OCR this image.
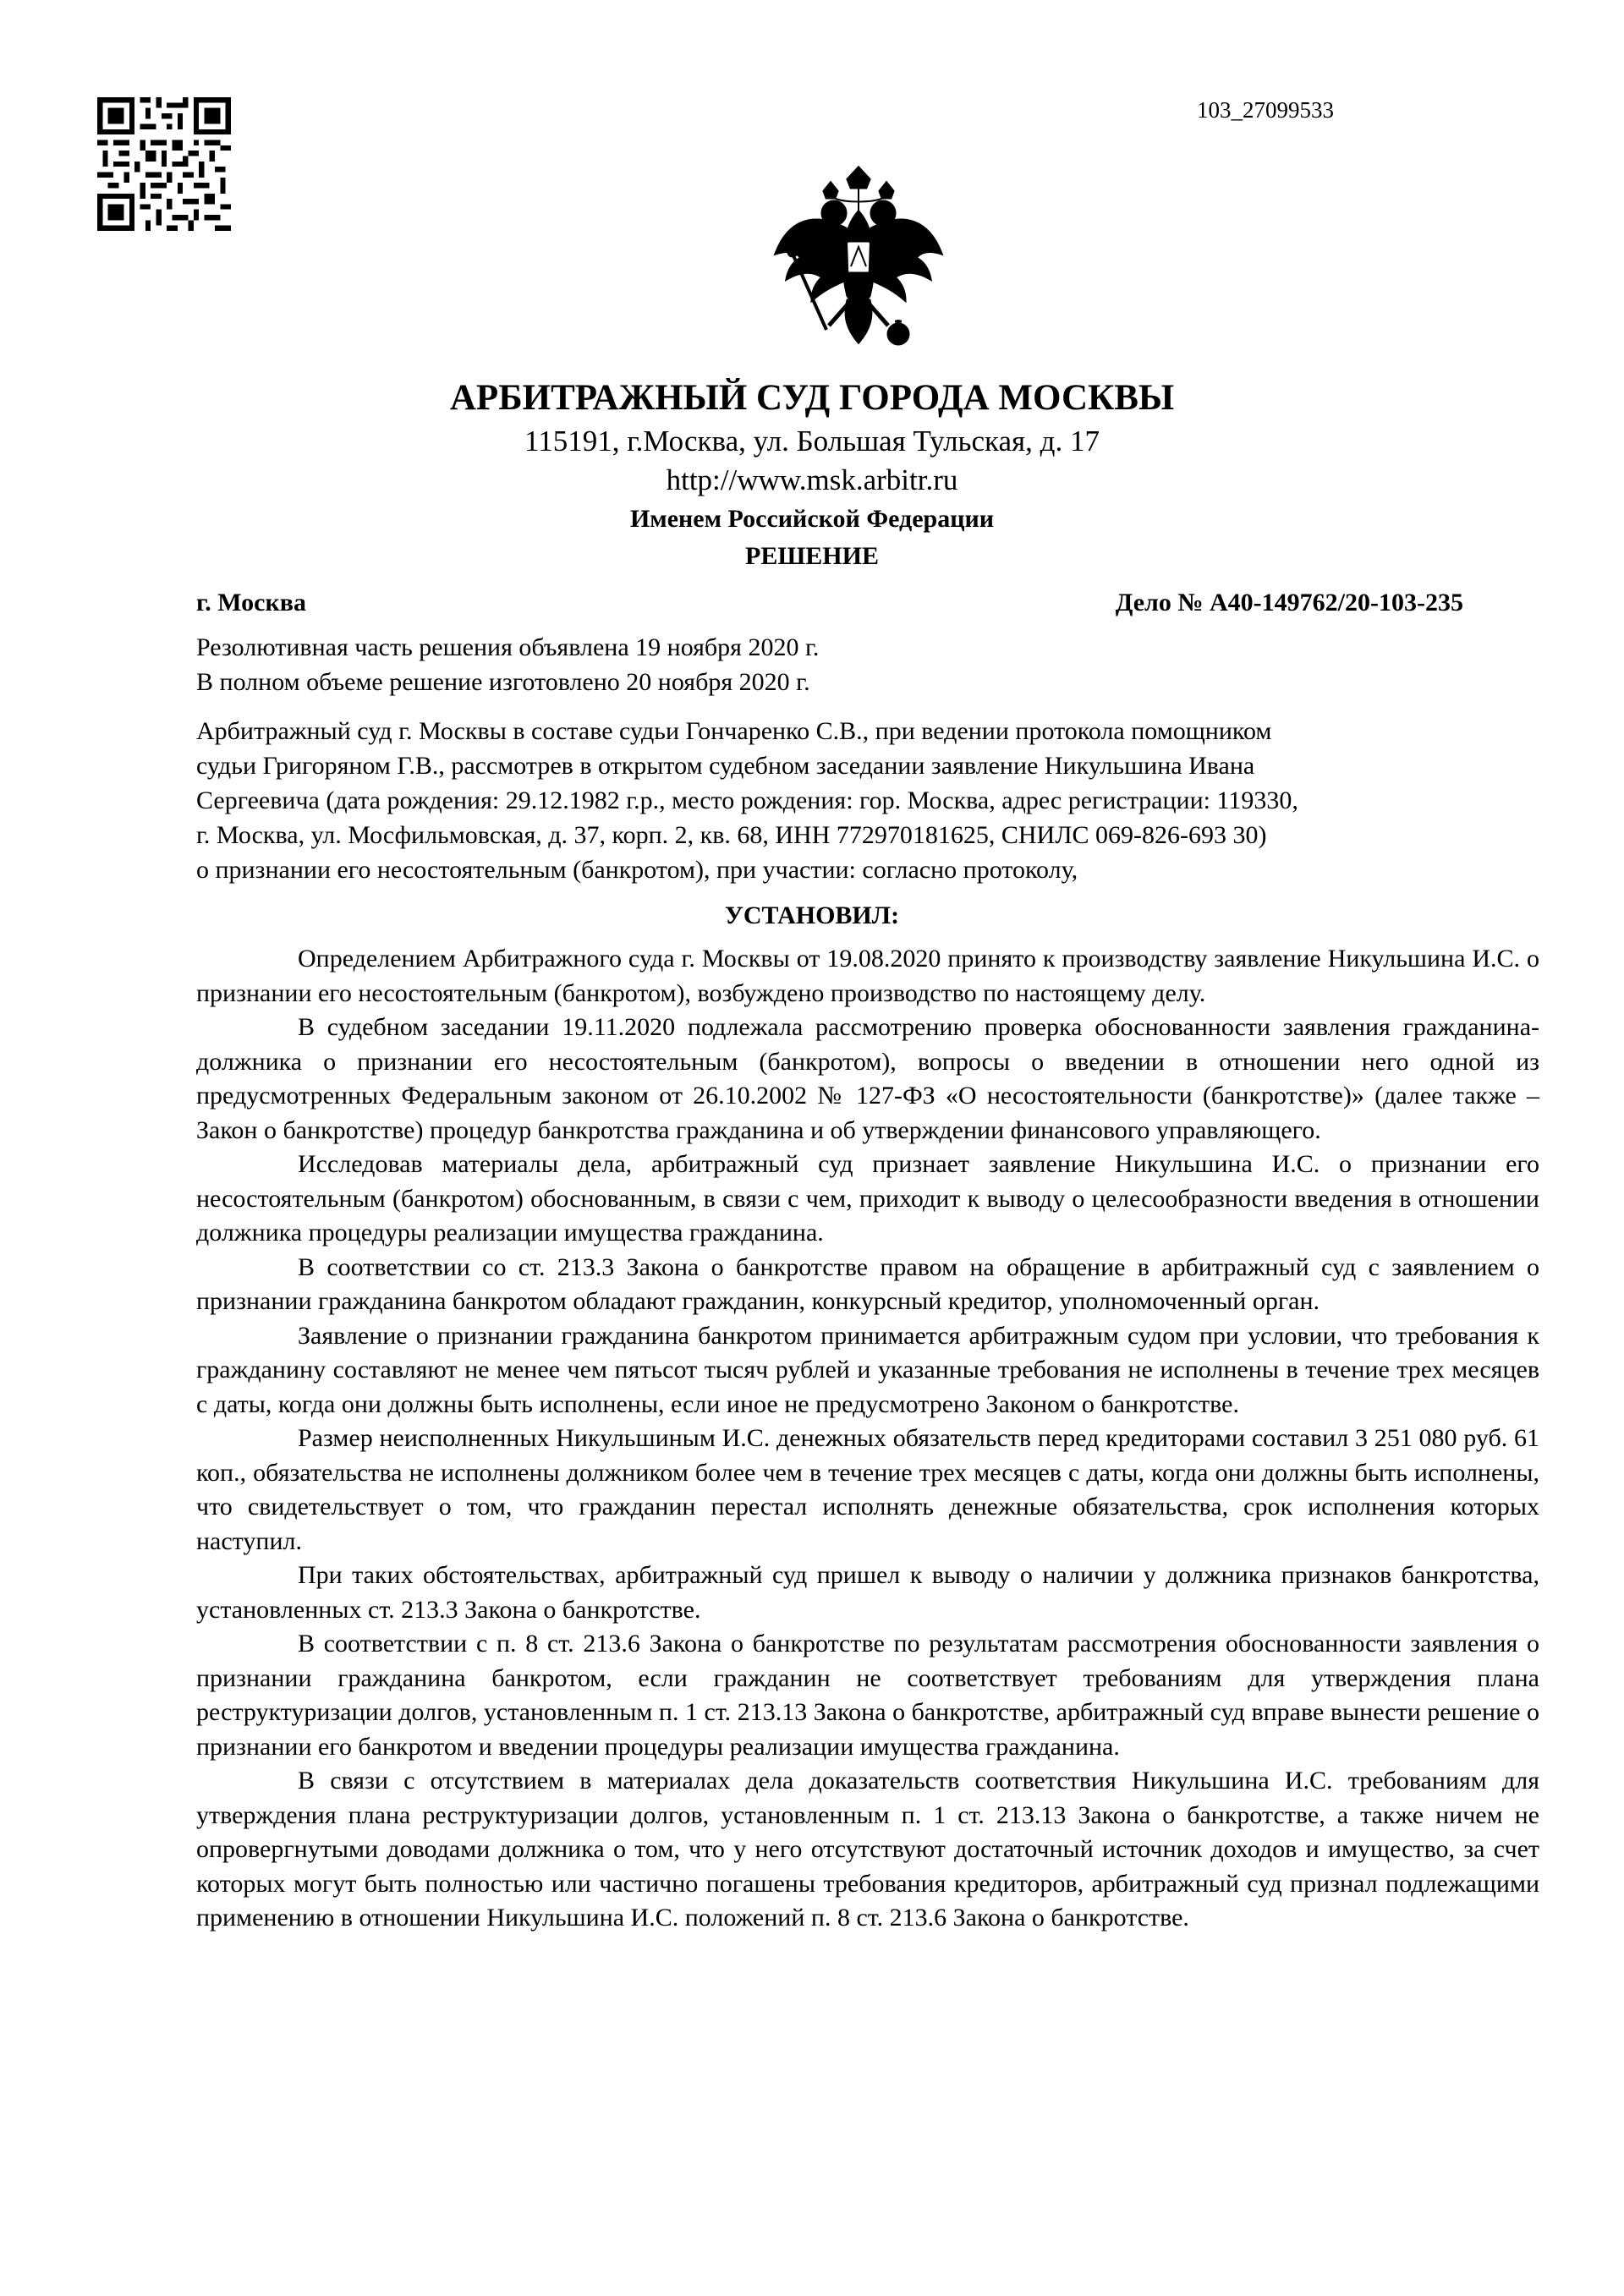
103_27099533
АРБИТРАЖНЫЙ СУД ГОРОДА МОСКВЫ
115191, г.Москва, ул. Большая Тульская, д. 17
http://www.msk.arbitr.ru
Именем Российской Федерации
РЕШЕНИЕ
г. Москва	Дело № А40-149762/20-103-235

Резолютивная часть решения объявлена 19 ноября 2020 г.

В полном объеме решение изготовлено 20 ноября 2020 г.

Арбитражный суд г. Москвы в составе судьи Гончаренко С.В., при ведении протокола помощником

судьи Григоряном Г.В., рассмотрев в открытом судебном заседании заявление Никульшина Ивана

Сергеевича (дата рождения: 29.12.1982 г.р., место рождения: гор. Москва, адрес регистрации: 119330,

г. Москва, ул. Мосфильмовская, д. 37, корп. 2, кв. 68, ИНН 772970181625, СНИЛС 069-826-693 30)

о признании его несостоятельным (банкротом), при участии: согласно протоколу,

УСТАНОВИЛ:

Определением Арбитражного суда г. Москвы от 19.08.2020 принято к производству заявление Никульшина И.С. о признании его несостоятельным (банкротом), возбуждено производство по настоящему делу.

В судебном заседании 19.11.2020 подлежала рассмотрению проверка обоснованности заявления гражданина-должника о признании его несостоятельным (банкротом), вопросы о введении в отношении него одной из предусмотренных Федеральным законом от 26.10.2002 № 127-ФЗ «О несостоятельности (банкротстве)» (далее также – Закон о банкротстве) процедур банкротства гражданина и об утверждении финансового управляющего.

Исследовав материалы дела, арбитражный суд признает заявление Никульшина И.С. о признании его несостоятельным (банкротом) обоснованным, в связи с чем, приходит к выводу о целесообразности введения в отношении должника процедуры реализации имущества гражданина.

В соответствии со ст. 213.3 Закона о банкротстве правом на обращение в арбитражный суд с заявлением о признании гражданина банкротом обладают гражданин, конкурсный кредитор, уполномоченный орган.

Заявление о признании гражданина банкротом принимается арбитражным судом при условии, что требования к гражданину составляют не менее чем пятьсот тысяч рублей и указанные требования не исполнены в течение трех месяцев с даты, когда они должны быть исполнены, если иное не предусмотрено Законом о банкротстве.

Размер неисполненных Никульшиным И.С. денежных обязательств перед кредиторами составил 3 251 080 руб. 61 коп., обязательства не исполнены должником более чем в течение трех месяцев с даты, когда они должны быть исполнены, что свидетельствует о том, что гражданин перестал исполнять денежные обязательства, срок исполнения которых наступил.

При таких обстоятельствах, арбитражный суд пришел к выводу о наличии у должника признаков банкротства, установленных ст. 213.3 Закона о банкротстве.

В соответствии с п. 8 ст. 213.6 Закона о банкротстве по результатам рассмотрения обоснованности заявления о признании гражданина банкротом, если гражданин не соответствует требованиям для утверждения плана реструктуризации долгов, установленным п. 1 ст. 213.13 Закона о банкротстве, арбитражный суд вправе вынести решение о признании его банкротом и введении процедуры реализации имущества гражданина.

В связи с отсутствием в материалах дела доказательств соответствия Никульшина И.С. требованиям для утверждения плана реструктуризации долгов, установленным п. 1 ст. 213.13 Закона о банкротстве, а также ничем не опровергнутыми доводами должника о том, что у него отсутствуют достаточный источник доходов и имущество, за счет которых могут быть полностью или частично погашены требования кредиторов, арбитражный суд признал подлежащими применению в отношении Никульшина И.С. положений п. 8 ст. 213.6 Закона о банкротстве.
